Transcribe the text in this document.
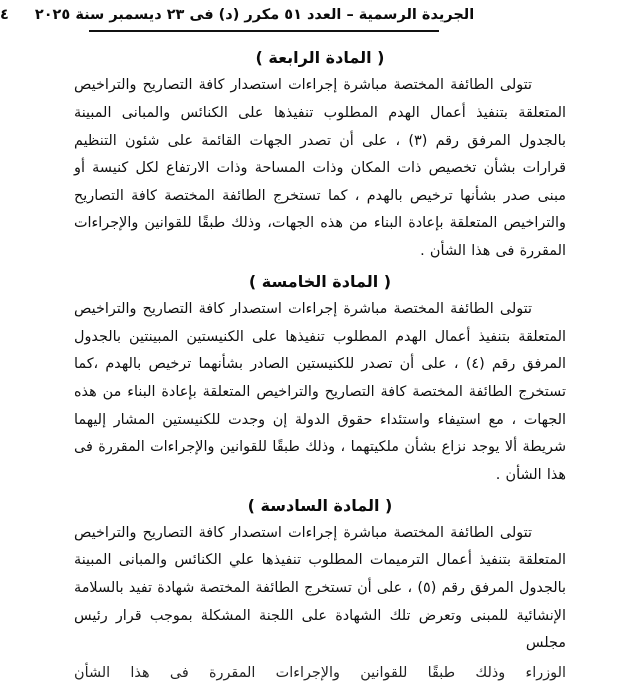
الجريدة الرسمية – العدد ٥١ مكرر (د) فى ٢٣ ديسمبر سنة ٢٠٢٥
٤
( المادة الرابعة )

تتولى الطائفة المختصة مباشرة إجراءات استصدار كافة التصاريح والتراخيص المتعلقة بتنفيذ أعمال الهدم المطلوب تنفيذها على الكنائس والمبانى المبينة بالجدول المرفق رقم (٣) ، على أن تصدر الجهات القائمة على شئون التنظيم قرارات بشأن تخصيص ذات المكان وذات المساحة وذات الارتفاع لكل كنيسة أو مبنى صدر بشأنها ترخيص بالهدم ، كما تستخرج الطائفة المختصة كافة التصاريح والتراخيص المتعلقة بإعادة البناء من هذه الجهات، وذلك طبقًا للقوانين والإجراءات المقررة فى هذا الشأن .

( المادة الخامسة )

تتولى الطائفة المختصة مباشرة إجراءات استصدار كافة التصاريح والتراخيص المتعلقة بتنفيذ أعمال الهدم المطلوب تنفيذها على الكنيستين المبينتين بالجدول المرفق رقم (٤) ، على أن تصدر للكنيستين الصادر بشأنهما ترخيص بالهدم ،كما تستخرج الطائفة المختصة كافة التصاريح والتراخيص المتعلقة بإعادة البناء من هذه الجهات ، مع استيفاء واستئداء حقوق الدولة إن وجدت للكنيستين المشار إليهما شريطة ألا يوجد نزاع بشأن ملكيتهما ، وذلك طبقًا للقوانين والإجراءات المقررة فى هذا الشأن .

( المادة السادسة )

تتولى الطائفة المختصة مباشرة إجراءات استصدار كافة التصاريح والتراخيص المتعلقة بتنفيذ أعمال الترميمات المطلوب تنفيذها علي الكنائس والمبانى المبينة بالجدول المرفق رقم (٥) ، على أن تستخرج الطائفة المختصة شهادة تفيد بالسلامة الإنشائية للمبنى وتعرض تلك الشهادة على اللجنة المشكلة بموجب قرار رئيس مجلس

الوزراء وذلك طبقًا للقوانين والإجراءات المقررة فى هذا الشأن
